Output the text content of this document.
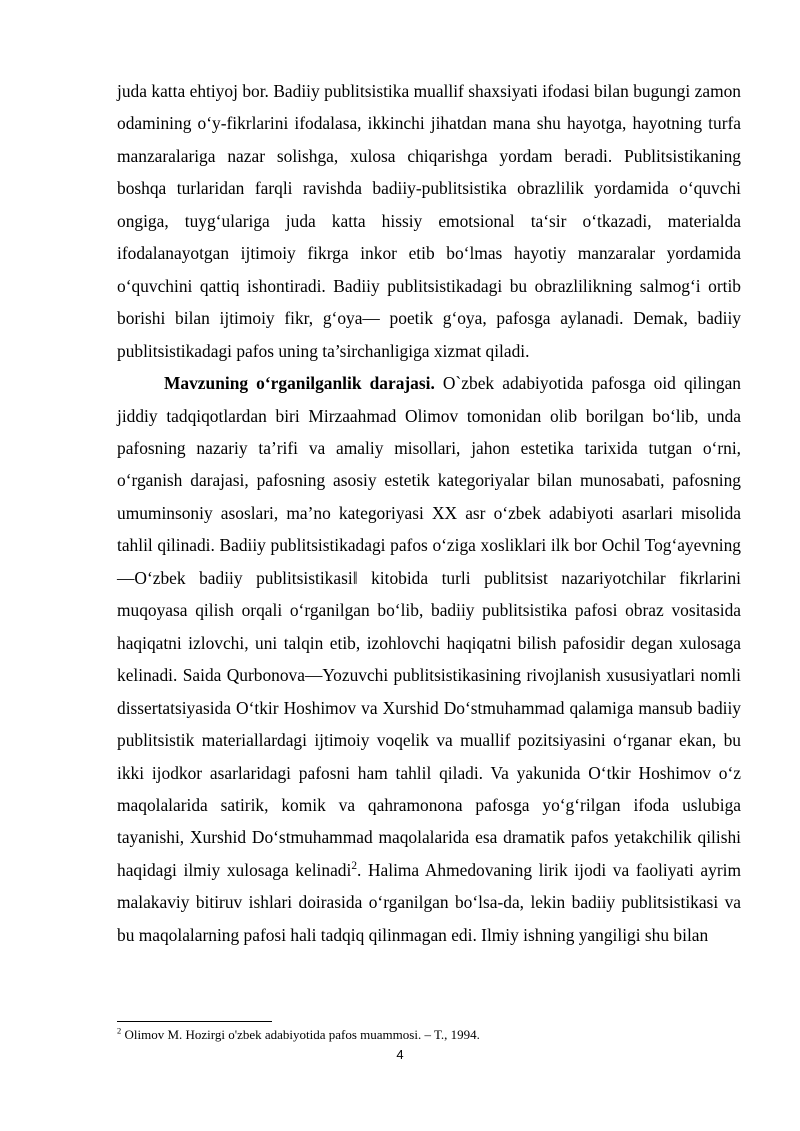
juda katta ehtiyoj bor. Badiiy publitsistika muallif shaxsiyati ifodasi bilan bugungi zamon odamining o‘y-fikrlarini ifodalasa, ikkinchi jihatdan mana shu hayotga, hayotning turfa manzaralariga nazar solishga, xulosa chiqarishga yordam beradi. Publitsistikaning boshqa turlaridan farqli ravishda badiiy-publitsistika obrazlilik yordamida o‘quvchi ongiga, tuyg‘ulariga juda katta hissiy emotsional ta‘sir o‘tkazadi, materialda ifodalanayotgan ijtimoiy fikrga inkor etib bo‘lmas hayotiy manzaralar yordamida o‘quvchini qattiq ishontiradi. Badiiy publitsistikadagi bu obrazlilikning salmog‘i ortib borishi bilan ijtimoiy fikr, g‘oya— poetik g‘oya, pafosga aylanadi. Demak, badiiy publitsistikadagi pafos uning ta’sirchanligiga xizmat qiladi.

Mavzuning o‘rganilganlik darajasi. O`zbek adabiyotida pafosga oid qilingan jiddiy tadqiqotlardan biri Mirzaahmad Olimov tomonidan olib borilgan bo‘lib, unda pafosning nazariy ta’rifi va amaliy misollari, jahon estetika tarixida tutgan o‘rni, o‘rganish darajasi, pafosning asosiy estetik kategoriyalar bilan munosabati, pafosning umuminsoniy asoslari, ma’no kategoriyasi XX asr o‘zbek adabiyoti asarlari misolida tahlil qilinadi. Badiiy publitsistikadagi pafos o‘ziga xosliklari ilk bor Ochil Tog‘ayevning—O‘zbek badiiy publitsistikasi‖ kitobida turli publitsist nazariyotchilar fikrlarini muqoyasa qilish orqali o‘rganilgan bo‘lib, badiiy publitsistika pafosi obraz vositasida haqiqatni izlovchi, uni talqin etib, izohlovchi haqiqatni bilish pafosidir degan xulosaga kelinadi. Saida Qurbonova—Yozuvchi publitsistikasining rivojlanish xususiyatlari nomli dissertatsiyasida O‘tkir Hoshimov va Xurshid Do‘stmuhammad qalamiga mansub badiiy publitsistik materiallardagi ijtimoiy voqelik va muallif pozitsiyasini o‘rganar ekan, bu ikki ijodkor asarlaridagi pafosni ham tahlil qiladi. Va yakunida O‘tkir Hoshimov o‘z maqolalarida satirik, komik va qahramonona pafosga yo‘g‘rilgan ifoda uslubiga tayanishi, Xurshid Do‘stmuhammad maqolalarida esa dramatik pafos yetakchilik qilishi haqidagi ilmiy xulosaga kelinadi$^2$. Halima Ahmedovaning lirik ijodi va faoliyati ayrim malakaviy bitiruv ishlari doirasida o‘rganilgan bo‘lsa-da, lekin badiiy publitsistikasi va bu maqolalarning pafosi hali tadqiq qilinmagan edi. Ilmiy ishning yangiligi shu bilan

$^2$ Olimov M. Hozirgi o'zbek adabiyotida pafos muammosi. – T., 1994.
4
